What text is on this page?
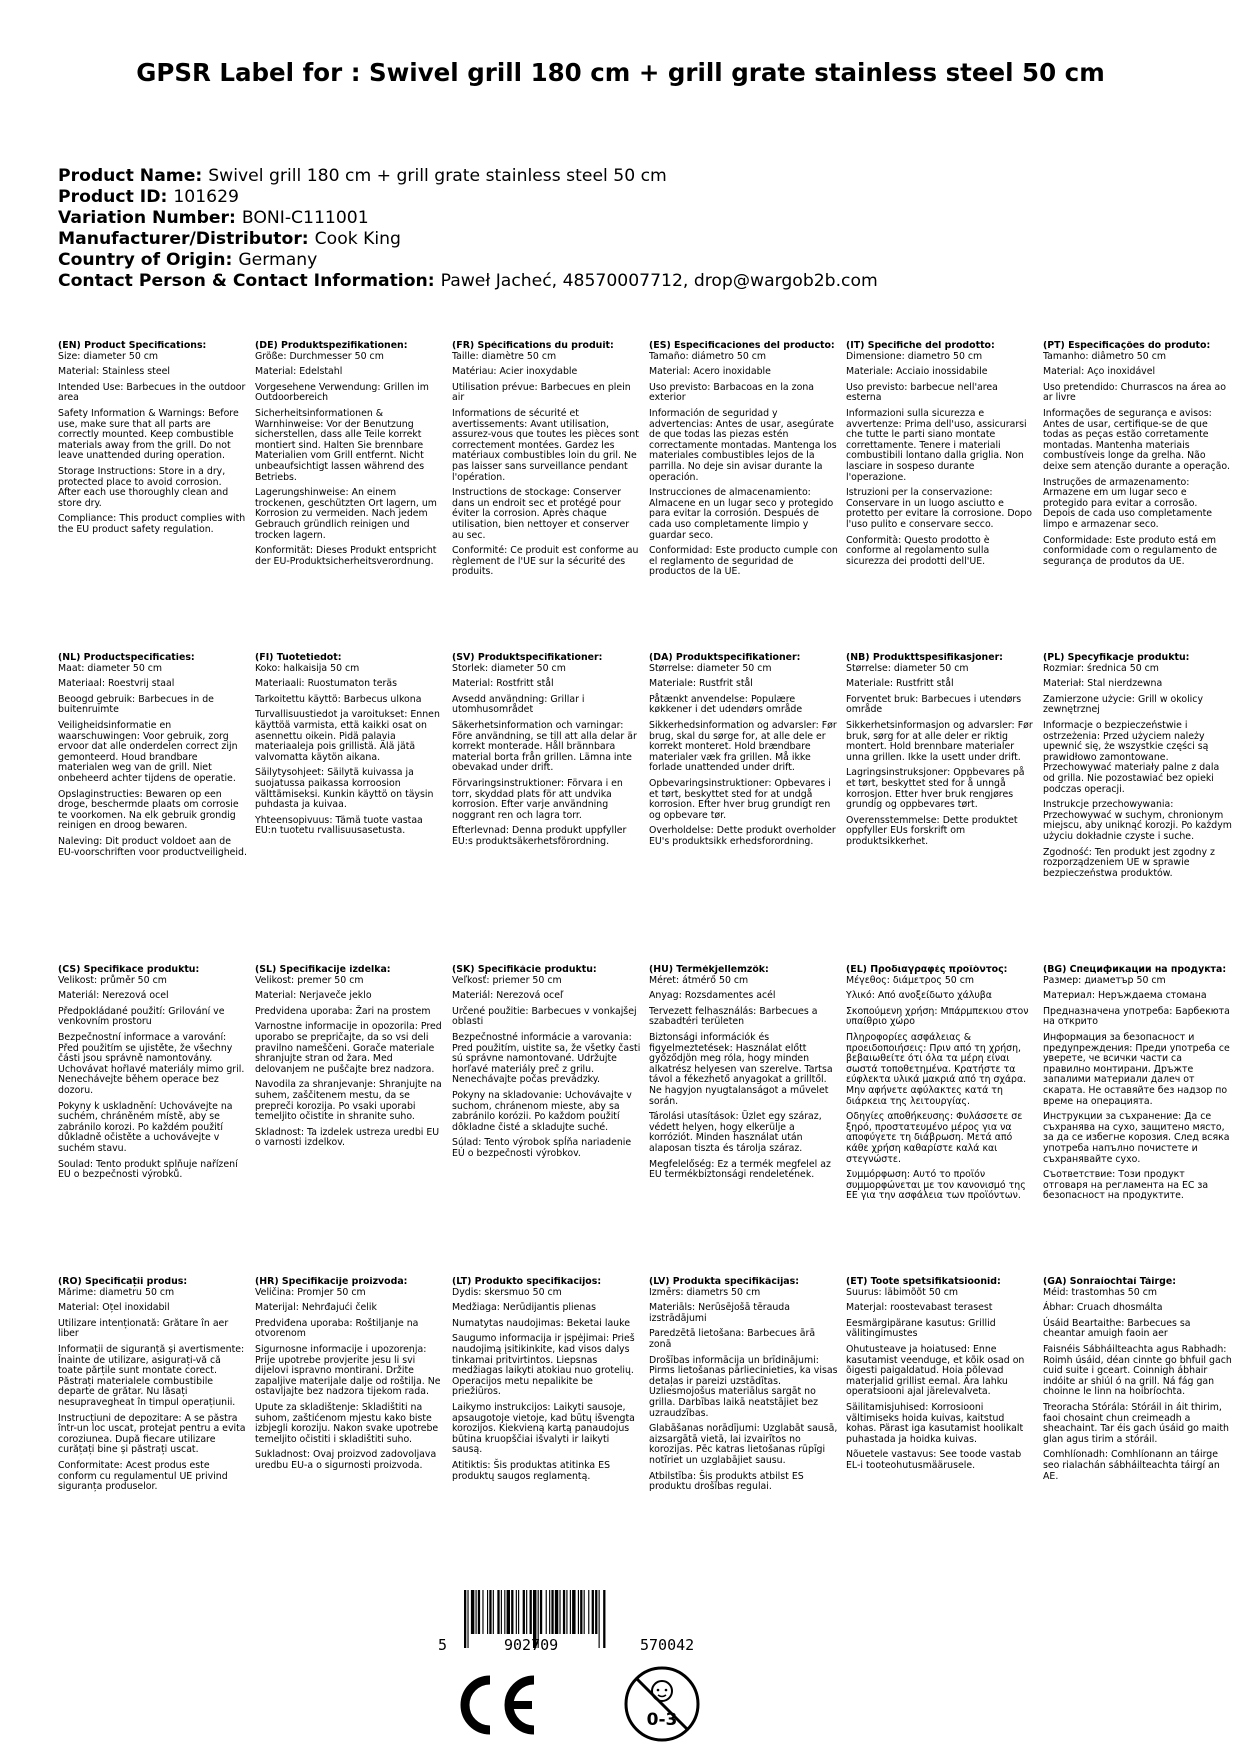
GPSR Label for : Swivel grill 180 cm + grill grate stainless steel 50 cm
Product Name: Swivel grill 180 cm + grill grate stainless steel 50 cm
Product ID: 101629
Variation Number: BONI-C111001
Manufacturer/Distributor: Cook King
Country of Origin: Germany
Contact Person & Contact Information: Paweł Jacheć, 48570007712, drop@wargob2b.com
(EN) Product Specifications:
Size: diameter 50 cm
Material: Stainless steel
Intended Use: Barbecues in the outdoor area
Safety Information & Warnings: Before use, make sure that all parts are correctly mounted. Keep combustible materials away from the grill. Do not leave unattended during operation.
Storage Instructions: Store in a dry, protected place to avoid corrosion. After each use thoroughly clean and store dry.
Compliance: This product complies with the EU product safety regulation.
(DE) Produktspezifikationen:
Größe: Durchmesser 50 cm
Material: Edelstahl
Vorgesehene Verwendung: Grillen im Outdoorbereich
Sicherheitsinformationen & Warnhinweise: Vor der Benutzung sicherstellen, dass alle Teile korrekt montiert sind. Halten Sie brennbare Materialien vom Grill entfernt. Nicht unbeaufsichtigt lassen während des Betriebs.
Lagerungshinweise: An einem trockenen, geschützten Ort lagern, um Korrosion zu vermeiden. Nach jedem Gebrauch gründlich reinigen und trocken lagern.
Konformität: Dieses Produkt entspricht der EU-Produktsicherheitsverordnung.
(FR) Spécifications du produit:
Taille: diamètre 50 cm
Matériau: Acier inoxydable
Utilisation prévue: Barbecues en plein air
Informations de sécurité et avertissements: Avant utilisation, assurez-vous que toutes les pièces sont correctement montées. Gardez les matériaux combustibles loin du gril. Ne pas laisser sans surveillance pendant l'opération.
Instructions de stockage: Conserver dans un endroit sec et protégé pour éviter la corrosion. Après chaque utilisation, bien nettoyer et conserver au sec.
Conformité: Ce produit est conforme au règlement de l'UE sur la sécurité des produits.
(ES) Especificaciones del producto:
Tamaño: diámetro 50 cm
Material: Acero inoxidable
Uso previsto: Barbacoas en la zona exterior
Información de seguridad y advertencias: Antes de usar, asegúrate de que todas las piezas estén correctamente montadas. Mantenga los materiales combustibles lejos de la parrilla. No deje sin avisar durante la operación.
Instrucciones de almacenamiento: Almacene en un lugar seco y protegido para evitar la corrosión. Después de cada uso completamente limpio y guardar seco.
Conformidad: Este producto cumple con el reglamento de seguridad de productos de la UE.
(IT) Specifiche del prodotto:
Dimensione: diametro 50 cm
Materiale: Acciaio inossidabile
Uso previsto: barbecue nell'area esterna
Informazioni sulla sicurezza e avvertenze: Prima dell'uso, assicurarsi che tutte le parti siano montate correttamente. Tenere i materiali combustibili lontano dalla griglia. Non lasciare in sospeso durante l'operazione.
Istruzioni per la conservazione: Conservare in un luogo asciutto e protetto per evitare la corrosione. Dopo l'uso pulito e conservare secco.
Conformità: Questo prodotto è conforme al regolamento sulla sicurezza dei prodotti dell'UE.
(PT) Especificações do produto:
Tamanho: diâmetro 50 cm
Material: Aço inoxidável
Uso pretendido: Churrascos na área ao ar livre
Informações de segurança e avisos: Antes de usar, certifique-se de que todas as peças estão corretamente montadas. Mantenha materiais combustíveis longe da grelha. Não deixe sem atenção durante a operação.
Instruções de armazenamento: Armazene em um lugar seco e protegido para evitar a corrosão. Depois de cada uso completamente limpo e armazenar seco.
Conformidade: Este produto está em conformidade com o regulamento de segurança de produtos da UE.
(NL) Productspecificaties:
Maat: diameter 50 cm
Materiaal: Roestvrij staal
Beoogd gebruik: Barbecues in de buitenruimte
Veiligheidsinformatie en waarschuwingen: Voor gebruik, zorg ervoor dat alle onderdelen correct zijn gemonteerd. Houd brandbare materialen weg van de grill. Niet onbeheerd achter tijdens de operatie.
Opslaginstructies: Bewaren op een droge, beschermde plaats om corrosie te voorkomen. Na elk gebruik grondig reinigen en droog bewaren.
Naleving: Dit product voldoet aan de EU-voorschriften voor productveiligheid.
(FI) Tuotetiedot:
Koko: halkaisija 50 cm
Materiaali: Ruostumaton teräs
Tarkoitettu käyttö: Barbecus ulkona
Turvallisuustiedot ja varoitukset: Ennen käyttöä varmista, että kaikki osat on asennettu oikein. Pidä palavia materiaaleja pois grillistä. Älä jätä valvomatta käytön aikana.
Säilytysohjeet: Säilytä kuivassa ja suojatussa paikassa korroosion välttämiseksi. Kunkin käyttö on täysin puhdasta ja kuivaa.
Yhteensopivuus: Tämä tuote vastaa EU:n tuotetu rvallisuusasetusta.
(SV) Produktspecifikationer:
Storlek: diameter 50 cm
Material: Rostfritt stål
Avsedd användning: Grillar i utomhusområdet
Säkerhetsinformation och varningar: Före användning, se till att alla delar är korrekt monterade. Håll brännbara material borta från grillen. Lämna inte obevakad under drift.
Förvaringsinstruktioner: Förvara i en torr, skyddad plats för att undvika korrosion. Efter varje användning noggrant ren och lagra torr.
Efterlevnad: Denna produkt uppfyller EU:s produktsäkerhetsförordning.
(DA) Produktspecifikationer:
Størrelse: diameter 50 cm
Materiale: Rustfrit stål
Påtænkt anvendelse: Populære køkkener i det udendørs område
Sikkerhedsinformation og advarsler: Før brug, skal du sørge for, at alle dele er korrekt monteret. Hold brændbare materialer væk fra grillen. Må ikke forlade unattended under drift.
Opbevaringsinstruktioner: Opbevares i et tørt, beskyttet sted for at undgå korrosion. Efter hver brug grundigt ren og opbevare tør.
Overholdelse: Dette produkt overholder EU's produktsikk erhedsforordning.
(NB) Produkttspesifikasjoner:
Størrelse: diameter 50 cm
Materiale: Rustfritt stål
Forventet bruk: Barbecues i utendørs område
Sikkerhetsinformasjon og advarsler: Før bruk, sørg for at alle deler er riktig montert. Hold brennbare materialer unna grillen. Ikke la usett under drift.
Lagringsinstruksjoner: Oppbevares på et tørt, beskyttet sted for å unngå korrosjon. Etter hver bruk rengjøres grundig og oppbevares tørt.
Overensstemmelse: Dette produktet oppfyller EUs forskrift om produktsikkerhet.
(PL) Specyfikacje produktu:
Rozmiar: średnica 50 cm
Materiał: Stal nierdzewna
Zamierzone użycie: Grill w okolicy zewnętrznej
Informacje o bezpieczeństwie i ostrzeżenia: Przed użyciem należy upewnić się, że wszystkie części są prawidłowo zamontowane. Przechowywać materiały palne z dala od grilla. Nie pozostawiać bez opieki podczas operacji.
Instrukcje przechowywania: Przechowywać w suchym, chronionym miejscu, aby uniknąć korozji. Po każdym użyciu dokładnie czyste i suche.
Zgodność: Ten produkt jest zgodny z rozporządzeniem UE w sprawie bezpieczeństwa produktów.
(CS) Specifikace produktu:
Velikost: průměr 50 cm
Materiál: Nerezová ocel
Předpokládané použití: Grilování ve venkovním prostoru
Bezpečnostní informace a varování: Před použitím se ujistěte, že všechny části jsou správně namontovány. Uchovávat hořlavé materiály mimo gril. Nenechávejte během operace bez dozoru.
Pokyny k uskladnění: Uchovávejte na suchém, chráněném místě, aby se zabránilo korozi. Po každém použití důkladně očistěte a uchovávejte v suchém stavu.
Soulad: Tento produkt splňuje nařízení EU o bezpečnosti výrobků.
(SL) Specifikacije izdelka:
Velikost: premer 50 cm
Material: Nerjaveče jeklo
Predvidena uporaba: Žari na prostem
Varnostne informacije in opozorila: Pred uporabo se prepričajte, da so vsi deli pravilno nameščeni. Gorače materiale shranjujte stran od žara. Med delovanjem ne puščajte brez nadzora.
Navodila za shranjevanje: Shranjujte na suhem, zaščitenem mestu, da se prepreči korozija. Po vsaki uporabi temeljito očistite in shranite suho.
Skladnost: Ta izdelek ustreza uredbi EU o varnosti izdelkov.
(SK) Špecifikácie produktu:
Veľkosť: priemer 50 cm
Materiál: Nerezová oceľ
Určené použitie: Barbecues v vonkajšej oblasti
Bezpečnostné informácie a varovania: Pred použitím, uistite sa, že všetky časti sú správne namontované. Udržujte horľavé materiály preč z grilu. Nenechávajte počas prevádzky.
Pokyny na skladovanie: Uchovávajte v suchom, chránenom mieste, aby sa zabránilo korózii. Po každom použití dôkladne čisté a skladujte suché.
Súlad: Tento výrobok spĺňa nariadenie EÚ o bezpečnosti výrobkov.
(HU) Termékjellemzők:
Méret: átmérő 50 cm
Anyag: Rozsdamentes acél
Tervezett felhasználás: Barbecues a szabadtéri területen
Biztonsági információk és figyelmeztetések: Használat előtt győződjön meg róla, hogy minden alkatrész helyesen van szerelve. Tartsa távol a fékezhető anyagokat a grilltől. Ne hagyjon nyugtalanságot a művelet során.
Tárolási utasítások: Üzlet egy száraz, védett helyen, hogy elkerülje a korróziót. Minden használat után alaposan tiszta és tárolja száraz.
Megfelelőség: Ez a termék megfelel az EU termékbiztonsági rendeletének.
(EL) Προδιαγραφές προϊόντος:
Μέγεθος: διάμετρος 50 cm
Υλικό: Από ανοξείδωτο χάλυβα
Σκοπούμενη χρήση: Μπάρμπεκιου στον υπαίθριο χώρο
Πληροφορίες ασφάλειας & προειδοποιήσεις: Πριν από τη χρήση, βεβαιωθείτε ότι όλα τα μέρη είναι σωστά τοποθετημένα. Κρατήστε τα εύφλεκτα υλικά μακριά από τη σχάρα. Μην αφήνετε αφύλακτες κατά τη διάρκεια της λειτουργίας.
Οδηγίες αποθήκευσης: Φυλάσσετε σε ξηρό, προστατευμένο μέρος για να αποφύγετε τη διάβρωση. Μετά από κάθε χρήση καθαρίστε καλά και στεγνώστε.
Συμμόρφωση: Αυτό το προϊόν συμμορφώνεται με τον κανονισμό της ΕΕ για την ασφάλεια των προϊόντων.
(BG) Спецификации на продукта:
Размер: диаметър 50 cm
Материал: Неръждаема стомана
Предназначена употреба: Барбекюта на открито
Информация за безопасност и предупреждения: Преди употреба се уверете, че всички части са правилно монтирани. Дръжте запалими материали далеч от скарата. Не оставяйте без надзор по време на операцията.
Инструкции за съхранение: Да се съхранява на сухо, защитено място, за да се избегне корозия. След всяка употреба напълно почистете и съхранявайте сухо.
Съответствие: Този продукт отговаря на регламента на ЕС за безопасност на продуктите.
(RO) Specificații produs:
Mărime: diametru 50 cm
Material: Oțel inoxidabil
Utilizare intenționată: Grătare în aer liber
Informații de siguranță și avertismente: Înainte de utilizare, asigurați-vă că toate părțile sunt montate corect. Păstrați materialele combustibile departe de grătar. Nu lăsați nesupravegheat în timpul operațiunii.
Instrucțiuni de depozitare: A se păstra într-un loc uscat, protejat pentru a evita coroziunea. După fiecare utilizare curățați bine și păstrați uscat.
Conformitate: Acest produs este conform cu regulamentul UE privind siguranța produselor.
(HR) Specifikacije proizvoda:
Veličina: Promjer 50 cm
Materijal: Nehrđajući čelik
Predviđena uporaba: Roštiljanje na otvorenom
Sigurnosne informacije i upozorenja: Prije upotrebe provjerite jesu li svi dijelovi ispravno montirani. Držite zapaljive materijale dalje od roštilja. Ne ostavljajte bez nadzora tijekom rada.
Upute za skladištenje: Skladištiti na suhom, zaštićenom mjestu kako biste izbjegli koroziju. Nakon svake upotrebe temeljito očistiti i skladištiti suho.
Sukladnost: Ovaj proizvod zadovoljava uredbu EU-a o sigurnosti proizvoda.
(LT) Produkto specifikacijos:
Dydis: skersmuo 50 cm
Medžiaga: Nerūdijantis plienas
Numatytas naudojimas: Beketai lauke
Saugumo informacija ir įspėjimai: Prieš naudojimą įsitikinkite, kad visos dalys tinkamai pritvirtintos. Liepsnas medžiagas laikyti atokiau nuo grotelių. Operacijos metu nepalikite be priežiūros.
Laikymo instrukcijos: Laikyti sausoje, apsaugotoje vietoje, kad būtų išvengta korozijos. Kiekvieną kartą panaudojus būtina kruopščiai išvalyti ir laikyti sausą.
Atitiktis: Šis produktas atitinka ES produktų saugos reglamentą.
(LV) Produkta specifikācijas:
Izmērs: diametrs 50 cm
Materiāls: Nerūsējošā tērauda izstrādājumi
Paredzētā lietošana: Barbecues ārā zonā
Drošības informācija un brīdinājumi: Pirms lietošanas pārliecinieties, ka visas detaļas ir pareizi uzstādītas. Uzliesmojošus materiālus sargāt no grilla. Darbības laikā neatstājiet bez uzraudzības.
Glabāšanas norādījumi: Uzglabāt sausā, aizsargātā vietā, lai izvairītos no korozijas. Pēc katras lietošanas rūpīgi notīriet un uzglabājiet sausu.
Atbilstība: Šis produkts atbilst ES produktu drošības regulai.
(ET) Toote spetsifikatsioonid:
Suurus: läbimõõt 50 cm
Materjal: roostevabast terasest
Eesmärgipärane kasutus: Grillid välitingimustes
Ohutusteave ja hoiatused: Enne kasutamist veenduge, et kõik osad on õigesti paigaldatud. Hoia põlevad materjalid grillist eemal. Ära lahku operatsiooni ajal järelevalveta.
Säilitamisjuhised: Korrosiooni vältimiseks hoida kuivas, kaitstud kohas. Pärast iga kasutamist hoolikalt puhastada ja hoidka kuivas.
Nõuetele vastavus: See toode vastab EL-i tooteohutusmäärusele.
(GA) Sonraíochtaí Táirge:
Méid: trastomhas 50 cm
Ábhar: Cruach dhosmálta
Úsáid Beartaithe: Barbecues sa cheantar amuigh faoin aer
Faisnéis Sábháilteachta agus Rabhadh: Roimh úsáid, déan cinnte go bhfuil gach cuid suite i gceart. Coinnigh ábhair indóite ar shiúl ó na grill. Ná fág gan choinne le linn na hoibríochta.
Treoracha Stórála: Stóráil in áit thirim, faoi chosaint chun creimeadh a sheachaint. Tar éis gach úsáid go maith glan agus tirim a stóráil.
Comhlíonadh: Comhlíonann an táirge seo rialachán sábháilteachta táirgí an AE.
5	902709	570042
0-3
